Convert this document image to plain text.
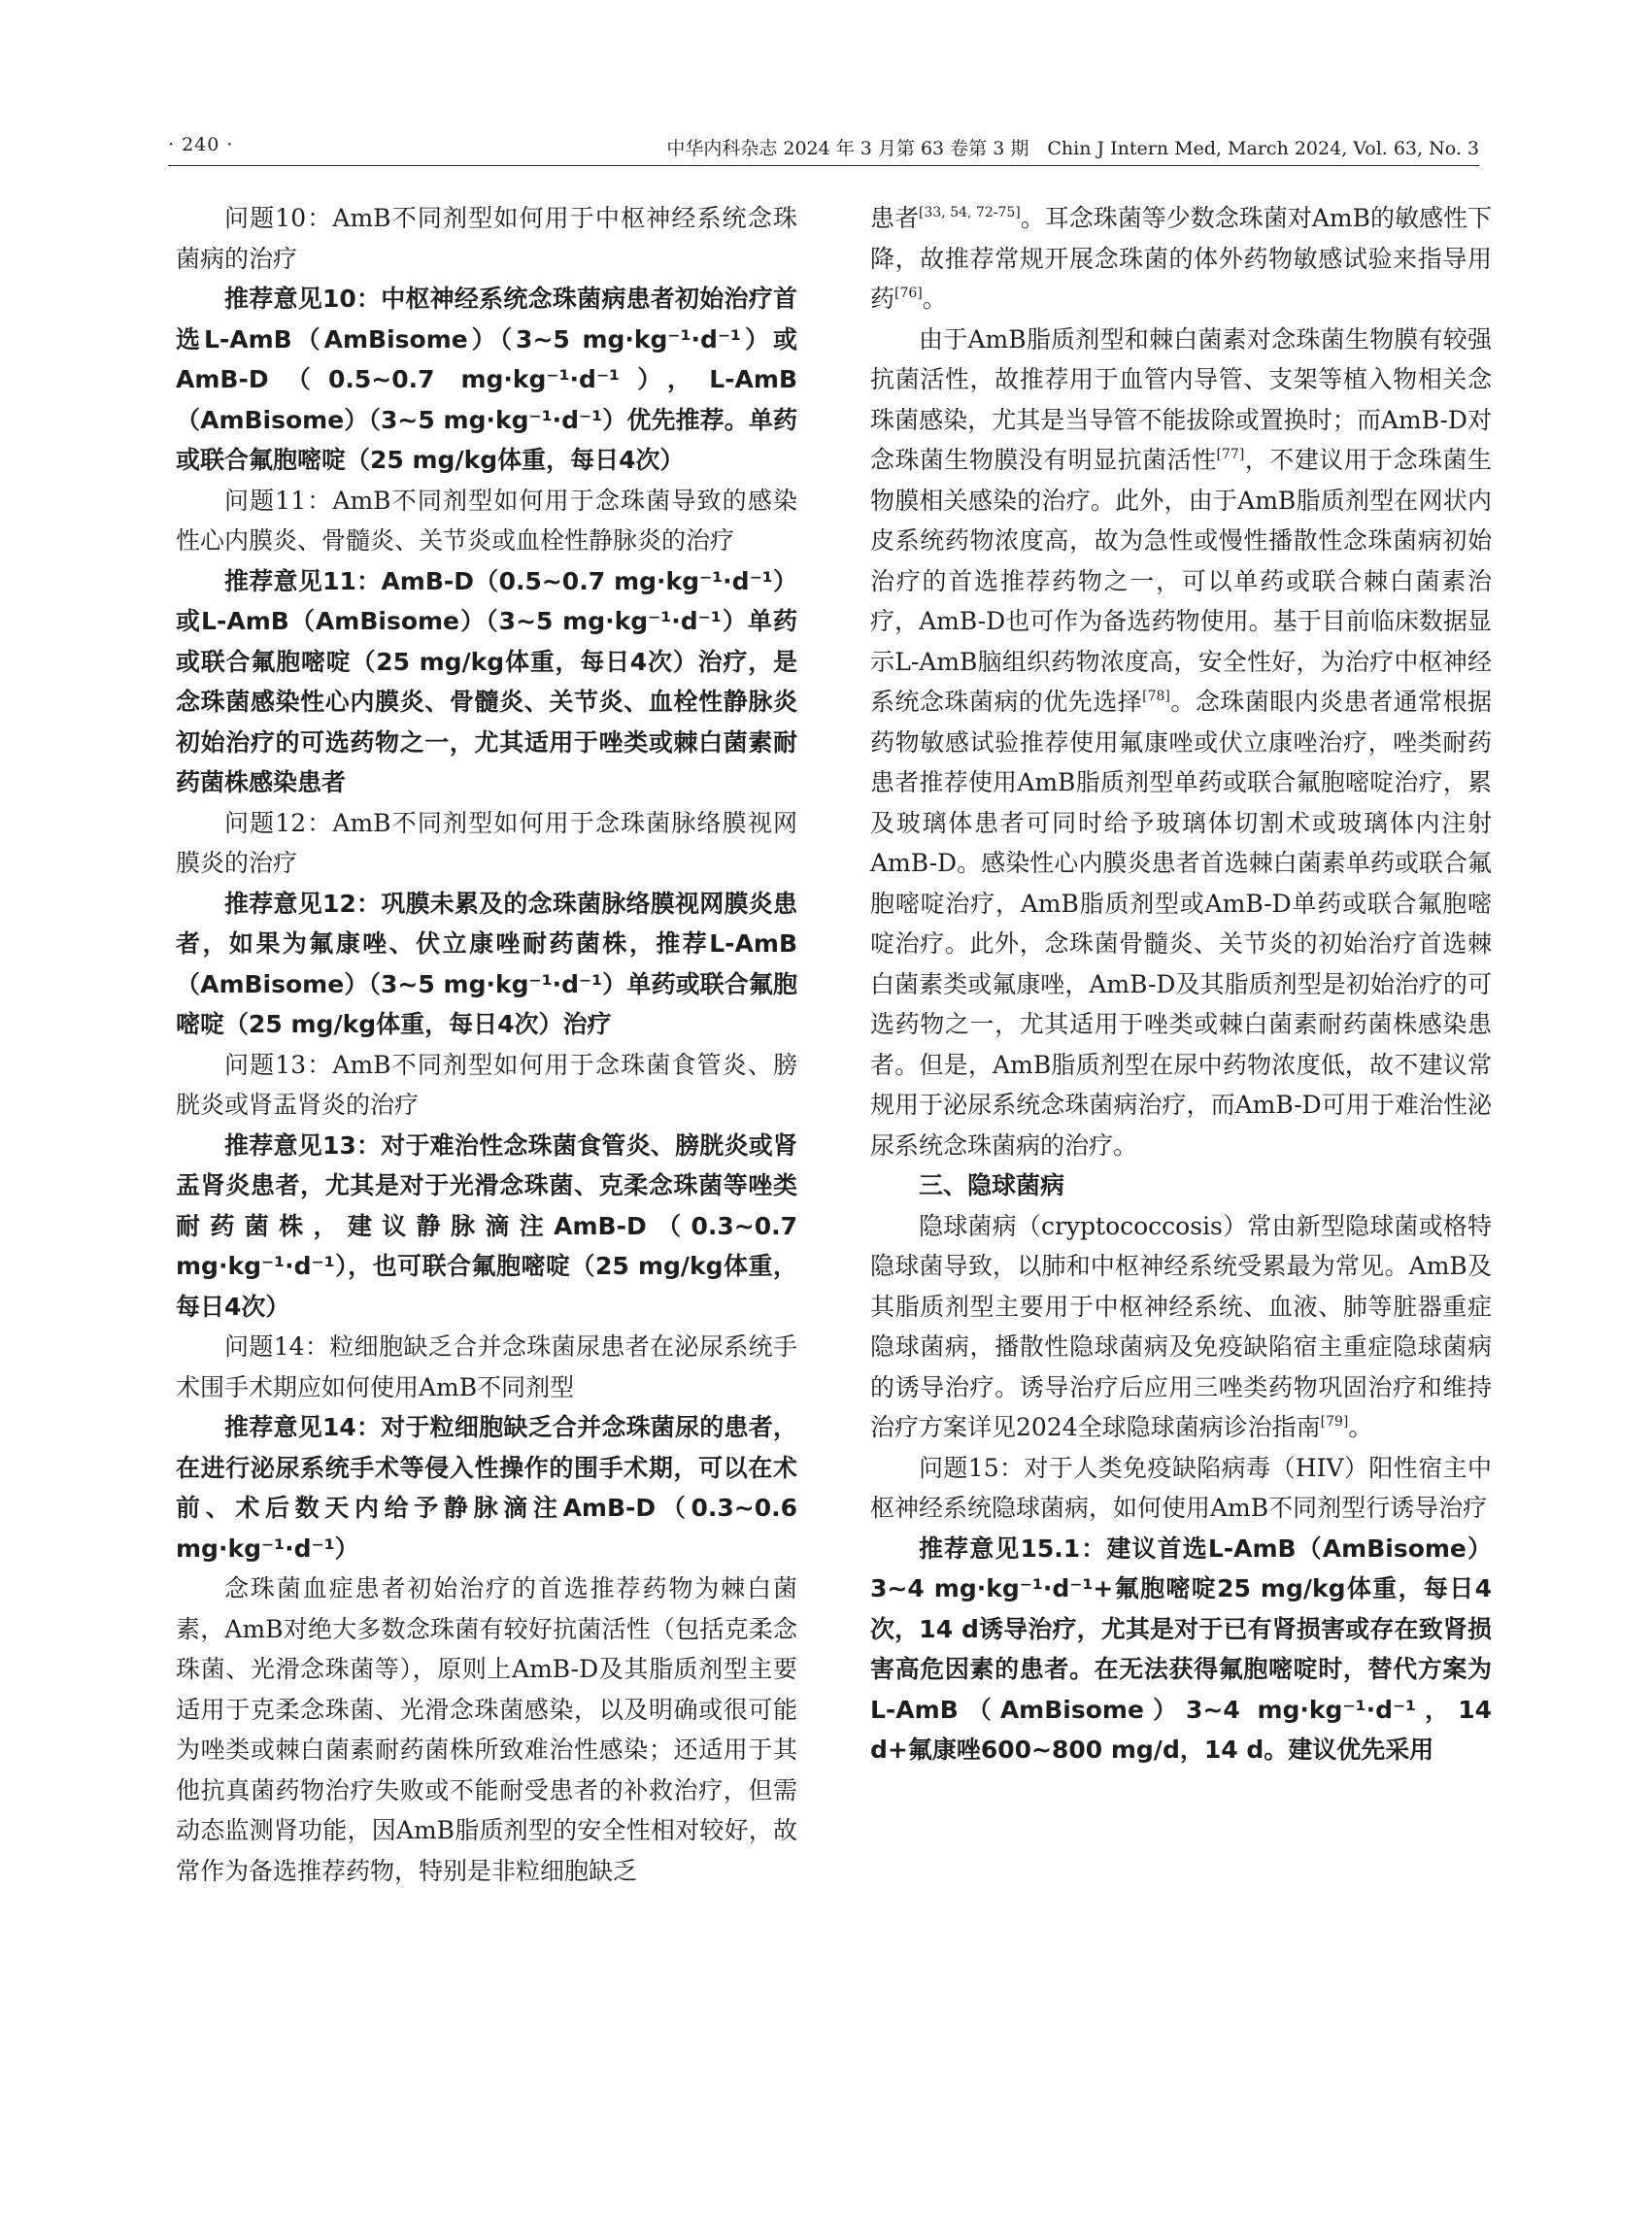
· 240 ·	中华内科杂志 2024 年 3 月第 63 卷第 3 期　Chin J Intern Med, March 2024, Vol. 63, No. 3

问题10：AmB不同剂型如何用于中枢神经系统念珠菌病的治疗

推荐意见10：中枢神经系统念珠菌病患者初始治疗首选L-AmB（AmBisome）（3~5 mg·kg⁻¹·d⁻¹）或AmB-D（0.5~0.7 mg·kg⁻¹·d⁻¹），L-AmB（AmBisome）（3~5 mg·kg⁻¹·d⁻¹）优先推荐。单药或联合氟胞嘧啶（25 mg/kg体重，每日4次）

问题11：AmB不同剂型如何用于念珠菌导致的感染性心内膜炎、骨髓炎、关节炎或血栓性静脉炎的治疗

推荐意见11：AmB-D（0.5~0.7 mg·kg⁻¹·d⁻¹）或L-AmB（AmBisome）（3~5 mg·kg⁻¹·d⁻¹）单药或联合氟胞嘧啶（25 mg/kg体重，每日4次）治疗，是念珠菌感染性心内膜炎、骨髓炎、关节炎、血栓性静脉炎初始治疗的可选药物之一，尤其适用于唑类或棘白菌素耐药菌株感染患者

问题12：AmB不同剂型如何用于念珠菌脉络膜视网膜炎的治疗

推荐意见12：巩膜未累及的念珠菌脉络膜视网膜炎患者，如果为氟康唑、伏立康唑耐药菌株，推荐L-AmB（AmBisome）（3~5 mg·kg⁻¹·d⁻¹）单药或联合氟胞嘧啶（25 mg/kg体重，每日4次）治疗

问题13：AmB不同剂型如何用于念珠菌食管炎、膀胱炎或肾盂肾炎的治疗

推荐意见13：对于难治性念珠菌食管炎、膀胱炎或肾盂肾炎患者，尤其是对于光滑念珠菌、克柔念珠菌等唑类耐药菌株，建议静脉滴注AmB-D（0.3~0.7 mg·kg⁻¹·d⁻¹），也可联合氟胞嘧啶（25 mg/kg体重，每日4次）

问题14：粒细胞缺乏合并念珠菌尿患者在泌尿系统手术围手术期应如何使用AmB不同剂型

推荐意见14：对于粒细胞缺乏合并念珠菌尿的患者，在进行泌尿系统手术等侵入性操作的围手术期，可以在术前、术后数天内给予静脉滴注AmB-D（0.3~0.6 mg·kg⁻¹·d⁻¹）

念珠菌血症患者初始治疗的首选推荐药物为棘白菌素，AmB对绝大多数念珠菌有较好抗菌活性（包括克柔念珠菌、光滑念珠菌等），原则上AmB-D及其脂质剂型主要适用于克柔念珠菌、光滑念珠菌感染，以及明确或很可能为唑类或棘白菌素耐药菌株所致难治性感染；还适用于其他抗真菌药物治疗失败或不能耐受患者的补救治疗，但需动态监测肾功能，因AmB脂质剂型的安全性相对较好，故常作为备选推荐药物，特别是非粒细胞缺乏

患者[33, 54, 72-75]。耳念珠菌等少数念珠菌对AmB的敏感性下降，故推荐常规开展念珠菌的体外药物敏感试验来指导用药[76]。

由于AmB脂质剂型和棘白菌素对念珠菌生物膜有较强抗菌活性，故推荐用于血管内导管、支架等植入物相关念珠菌感染，尤其是当导管不能拔除或置换时；而AmB-D对念珠菌生物膜没有明显抗菌活性[77]，不建议用于念珠菌生物膜相关感染的治疗。此外，由于AmB脂质剂型在网状内皮系统药物浓度高，故为急性或慢性播散性念珠菌病初始治疗的首选推荐药物之一，可以单药或联合棘白菌素治疗，AmB-D也可作为备选药物使用。基于目前临床数据显示L-AmB脑组织药物浓度高，安全性好，为治疗中枢神经系统念珠菌病的优先选择[78]。念珠菌眼内炎患者通常根据药物敏感试验推荐使用氟康唑或伏立康唑治疗，唑类耐药患者推荐使用AmB脂质剂型单药或联合氟胞嘧啶治疗，累及玻璃体患者可同时给予玻璃体切割术或玻璃体内注射AmB-D。感染性心内膜炎患者首选棘白菌素单药或联合氟胞嘧啶治疗，AmB脂质剂型或AmB-D单药或联合氟胞嘧啶治疗。此外，念珠菌骨髓炎、关节炎的初始治疗首选棘白菌素类或氟康唑，AmB-D及其脂质剂型是初始治疗的可选药物之一，尤其适用于唑类或棘白菌素耐药菌株感染患者。但是，AmB脂质剂型在尿中药物浓度低，故不建议常规用于泌尿系统念珠菌病治疗，而AmB-D可用于难治性泌尿系统念珠菌病的治疗。

三、隐球菌病

隐球菌病（cryptococcosis）常由新型隐球菌或格特隐球菌导致，以肺和中枢神经系统受累最为常见。AmB及其脂质剂型主要用于中枢神经系统、血液、肺等脏器重症隐球菌病，播散性隐球菌病及免疫缺陷宿主重症隐球菌病的诱导治疗。诱导治疗后应用三唑类药物巩固治疗和维持治疗方案详见2024全球隐球菌病诊治指南[79]。

问题15：对于人类免疫缺陷病毒（HIV）阳性宿主中枢神经系统隐球菌病，如何使用AmB不同剂型行诱导治疗

推荐意见15.1：建议首选L-AmB（AmBisome）3~4 mg·kg⁻¹·d⁻¹+氟胞嘧啶25 mg/kg体重，每日4次，14 d诱导治疗，尤其是对于已有肾损害或存在致肾损害高危因素的患者。在无法获得氟胞嘧啶时，替代方案为L-AmB（AmBisome）3~4 mg·kg⁻¹·d⁻¹，14 d+氟康唑600~800 mg/d，14 d。建议优先采用
